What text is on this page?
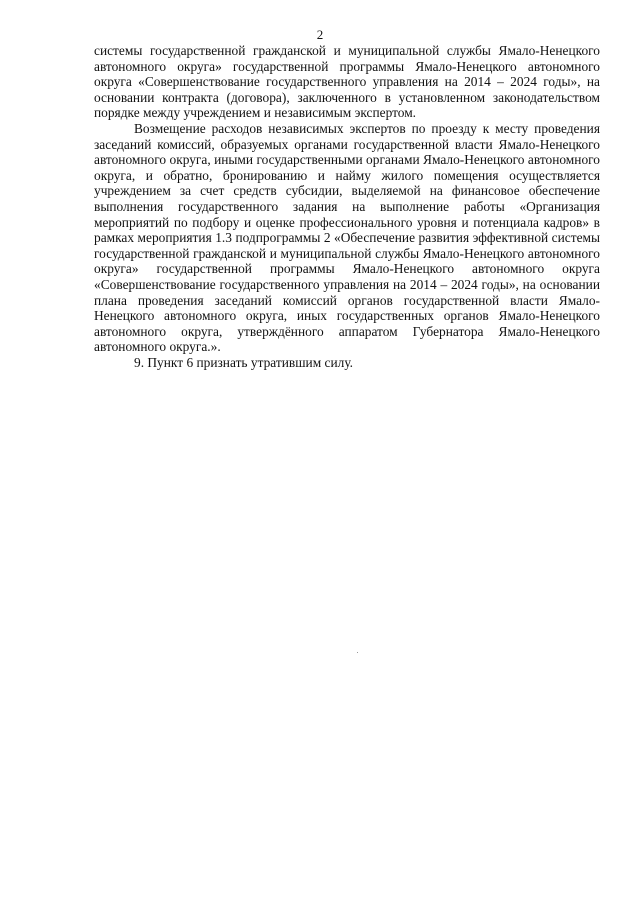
2

системы государственной гражданской и муниципальной службы Ямало-Ненецкого автономного округа» государственной программы Ямало-Ненецкого автономного округа «Совершенствование государственного управления на 2014 – 2024 годы», на основании контракта (договора), заключенного в установленном законодательством порядке между учреждением и независимым экспертом.

Возмещение расходов независимых экспертов по проезду к месту проведения заседаний комиссий, образуемых органами государственной власти Ямало-Ненецкого автономного округа, иными государственными органами Ямало-Ненецкого автономного округа, и обратно, бронированию и найму жилого помещения осуществляется учреждением за счет средств субсидии, выделяемой на финансовое обеспечение выполнения государственного задания на выполнение работы «Организация мероприятий по подбору и оценке профессионального уровня и потенциала кадров» в рамках мероприятия 1.3 подпрограммы 2 «Обеспечение развития эффективной системы государственной гражданской и муниципальной службы Ямало-Ненецкого автономного округа» государственной программы Ямало-Ненецкого автономного округа «Совершенствование государственного управления на 2014 – 2024 годы», на основании плана проведения заседаний комиссий органов государственной власти Ямало-Ненецкого автономного округа, иных государственных органов Ямало-Ненецкого автономного округа, утверждённого аппаратом Губернатора Ямало-Ненецкого автономного округа.».

9. Пункт 6 признать утратившим силу.
